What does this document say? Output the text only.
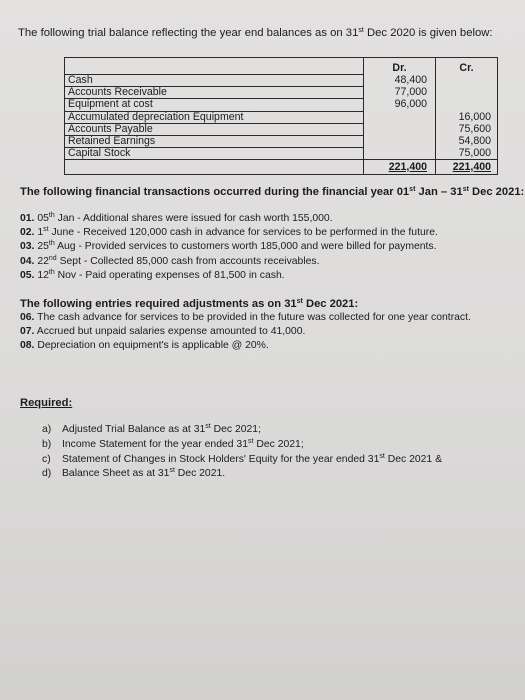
The following trial balance reflecting the year end balances as on 31st Dec 2020 is given below:
	Dr.	Cr.
Cash	48,400	
Accounts Receivable	77,000	
Equipment at cost	96,000	
Accumulated depreciation Equipment		16,000
Accounts Payable		75,600
Retained Earnings		54,800
Capital Stock		75,000
	221,400	221,400
The following financial transactions occurred during the financial year 01st Jan – 31st Dec 2021:
01. 05th Jan - Additional shares were issued for cash worth 155,000.
02. 1st June - Received 120,000 cash in advance for services to be performed in the future.
03. 25th Aug - Provided services to customers worth 185,000 and were billed for payments.
04. 22nd Sept - Collected 85,000 cash from accounts receivables.
05. 12th Nov - Paid operating expenses of 81,500 in cash.
The following entries required adjustments as on 31st Dec 2021:
06. The cash advance for services to be provided in the future was collected for one year contract.
07. Accrued but unpaid salaries expense amounted to 41,000.
08. Depreciation on equipment's is applicable @ 20%.
Required:
a) Adjusted Trial Balance as at 31st Dec 2021;
b) Income Statement for the year ended 31st Dec 2021;
c) Statement of Changes in Stock Holders' Equity for the year ended 31st Dec 2021 &
d) Balance Sheet as at 31st Dec 2021.
